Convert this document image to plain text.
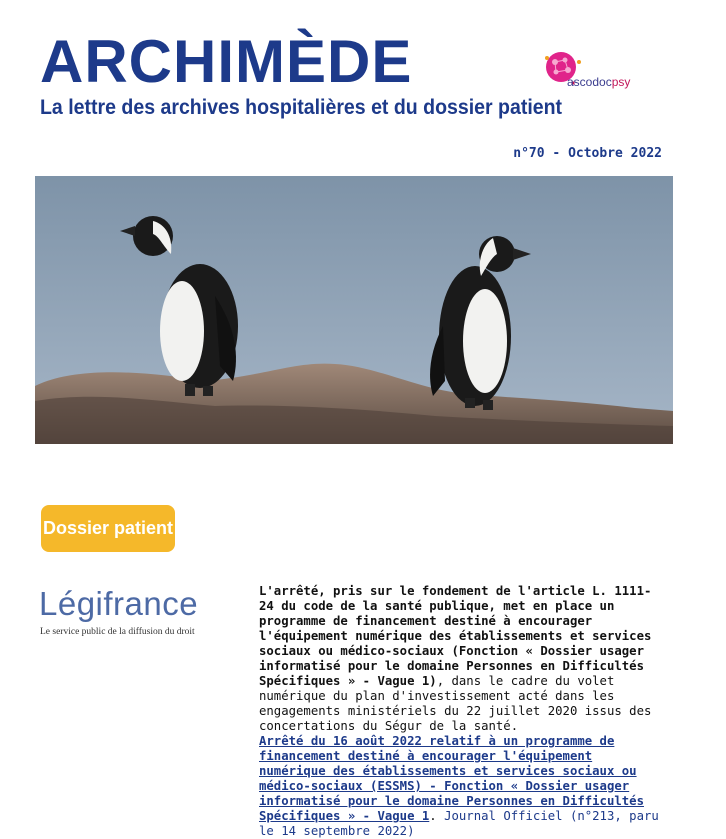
ARCHIMÈDE
La lettre des archives hospitalières et du dossier patient
ascodocpsy
n°70 - Octobre 2022
Dossier patient
Légifrance
Le service public de la diffusion du droit
L'arrêté, pris sur le fondement de l'article L. 1111-24 du code de la santé publique, met en place un programme de financement destiné à encourager l'équipement numérique des établissements et services sociaux ou médico-sociaux (Fonction « Dossier usager informatisé pour le domaine Personnes en Difficultés Spécifiques » - Vague 1), dans le cadre du volet numérique du plan d'investissement acté dans les engagements ministériels du 22 juillet 2020 issus des concertations du Ségur de la santé.
Arrêté du 16 août 2022 relatif à un programme de financement destiné à encourager l'équipement numérique des établissements et services sociaux ou médico-sociaux (ESSMS) - Fonction « Dossier usager informatisé pour le domaine Personnes en Difficultés Spécifiques » - Vague 1. Journal Officiel (n°213, paru le 14 septembre 2022)
